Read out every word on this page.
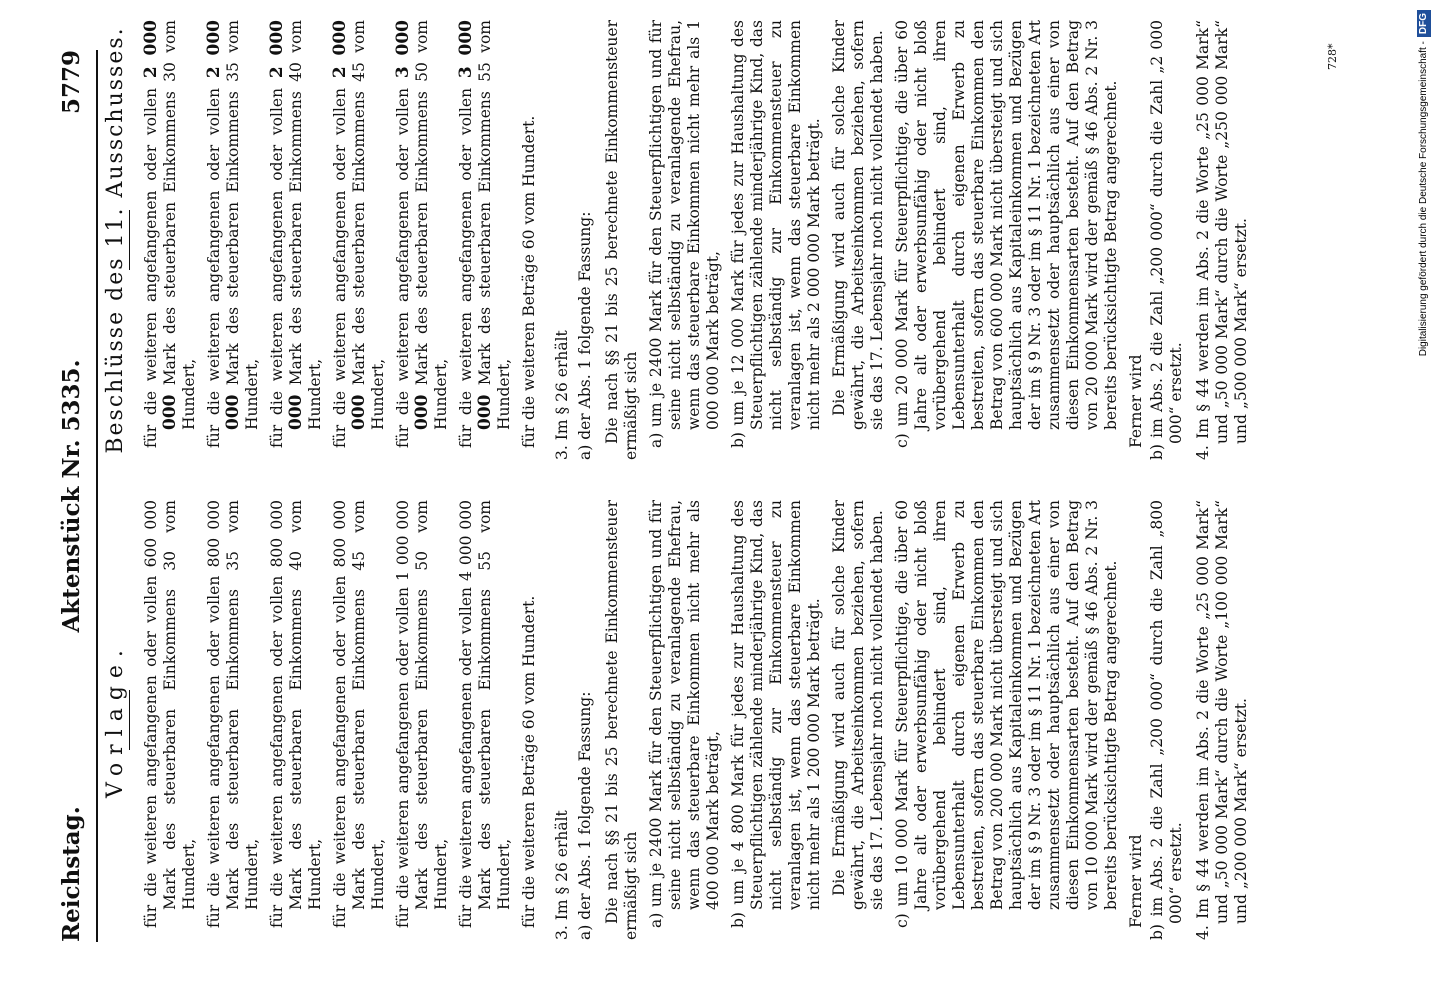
Reichstag.
Aktenstück Nr. 5335.
5779
Vorlage. für die weiteren angefangenen oder vollen 600 000 Mark des steuerbaren Einkommens 30 vom Hundert, für die weiteren angefangenen oder vollen 800 000 Mark des steuerbaren Einkommens 35 vom Hundert, für die weiteren angefangenen oder vollen 800 000 Mark des steuerbaren Einkommens 40 vom Hundert, für die weiteren angefangenen oder vollen 800 000 Mark des steuerbaren Einkommens 45 vom Hundert, für die weiteren angefangenen oder vollen 1 000 000 Mark des steuerbaren Einkommens 50 vom Hundert, für die weiteren angefangenen oder vollen 4 000 000 Mark des steuerbaren Einkommens 55 vom Hundert, für die weiteren Beträge 60 vom Hundert. 3. Im § 26 erhält a) der Abs. 1 folgende Fassung: Die nach §§ 21 bis 25 berechnete Einkommensteuer ermäßigt sich a) um je 2400 Mark für den Steuerpflichtigen und für seine nicht selbständig zu veranlagende Ehefrau, wenn das steuerbare Einkommen nicht mehr als 400 000 Mark beträgt, b) um je 4 800 Mark für jedes zur Haushaltung des Steuerpflichtigen zählende minderjährige Kind, das nicht selbständig zur Einkommensteuer zu veranlagen ist, wenn das steuerbare Einkommen nicht mehr als 1 200 000 Mark beträgt. Die Ermäßigung wird auch für solche Kinder gewährt, die Arbeitseinkommen beziehen, sofern sie das 17. Lebensjahr noch nicht vollendet haben. c) um 10 000 Mark für Steuerpflichtige, die über 60 Jahre alt oder erwerbsunfähig oder nicht bloß vorübergehend behindert sind, ihren Lebensunterhalt durch eigenen Erwerb zu bestreiten, sofern das steuerbare Einkommen den Betrag von 200 000 Mark nicht übersteigt und sich hauptsächlich aus Kapitaleinkommen und Bezügen der im § 9 Nr. 3 oder im § 11 Nr. 1 bezeichneten Art zusammensetzt oder hauptsächlich aus einer von diesen Einkommensarten besteht. Auf den Betrag von 10 000 Mark wird der gemäß § 46 Abs. 2 Nr. 3 bereits berücksichtigte Betrag angerechnet. Ferner wird b) im Abs. 2 die Zahl „200 000“ durch die Zahl „800 000“ ersetzt. 4. Im § 44 werden im Abs. 2 die Worte „25 000 Mark“ und „50 000 Mark“ durch die Worte „100 000 Mark“ und „200 000 Mark“ ersetzt.

Beschlüsse des 11. Ausschusses. für die weiteren angefangenen oder vollen 2 000 000 Mark des steuerbaren Einkommens 30 vom Hundert, für die weiteren angefangenen oder vollen 2 000 000 Mark des steuerbaren Einkommens 35 vom Hundert, für die weiteren angefangenen oder vollen 2 000 000 Mark des steuerbaren Einkommens 40 vom Hundert, für die weiteren angefangenen oder vollen 2 000 000 Mark des steuerbaren Einkommens 45 vom Hundert, für die weiteren angefangenen oder vollen 3 000 000 Mark des steuerbaren Einkommens 50 vom Hundert, für die weiteren angefangenen oder vollen 3 000 000 Mark des steuerbaren Einkommens 55 vom Hundert, für die weiteren Beträge 60 vom Hundert. 3. Im § 26 erhält a) der Abs. 1 folgende Fassung: Die nach §§ 21 bis 25 berechnete Einkommensteuer ermäßigt sich a) um je 2400 Mark für den Steuerpflichtigen und für seine nicht selbständig zu veranlagende Ehefrau, wenn das steuerbare Einkommen nicht mehr als 1 000 000 Mark beträgt, b) um je 12 000 Mark für jedes zur Haushaltung des Steuerpflichtigen zählende minderjährige Kind, das nicht selbständig zur Einkommensteuer zu veranlagen ist, wenn das steuerbare Einkommen nicht mehr als 2 000 000 Mark beträgt. Die Ermäßigung wird auch für solche Kinder gewährt, die Arbeitseinkommen beziehen, sofern sie das 17. Lebensjahr noch nicht vollendet haben. c) um 20 000 Mark für Steuerpflichtige, die über 60 Jahre alt oder erwerbsunfähig oder nicht bloß vorübergehend behindert sind, ihren Lebensunterhalt durch eigenen Erwerb zu bestreiten, sofern das steuerbare Einkommen den Betrag von 600 000 Mark nicht übersteigt und sich hauptsächlich aus Kapitaleinkommen und Bezügen der im § 9 Nr. 3 oder im § 11 Nr. 1 bezeichneten Art zusammensetzt oder hauptsächlich aus einer von diesen Einkommensarten besteht. Auf den Betrag von 20 000 Mark wird der gemäß § 46 Abs. 2 Nr. 3 bereits berücksichtigte Betrag angerechnet. Ferner wird b) im Abs. 2 die Zahl „200 000“ durch die Zahl „2 000 000“ ersetzt. 4. Im § 44 werden im Abs. 2 die Worte „25 000 Mark“ und „50 000 Mark“ durch die Worte „250 000 Mark“ und „500 000 Mark“ ersetzt.

728*	Digitalisierung gefördert durch die Deutsche Forschungsgemeinschaft -DFG
